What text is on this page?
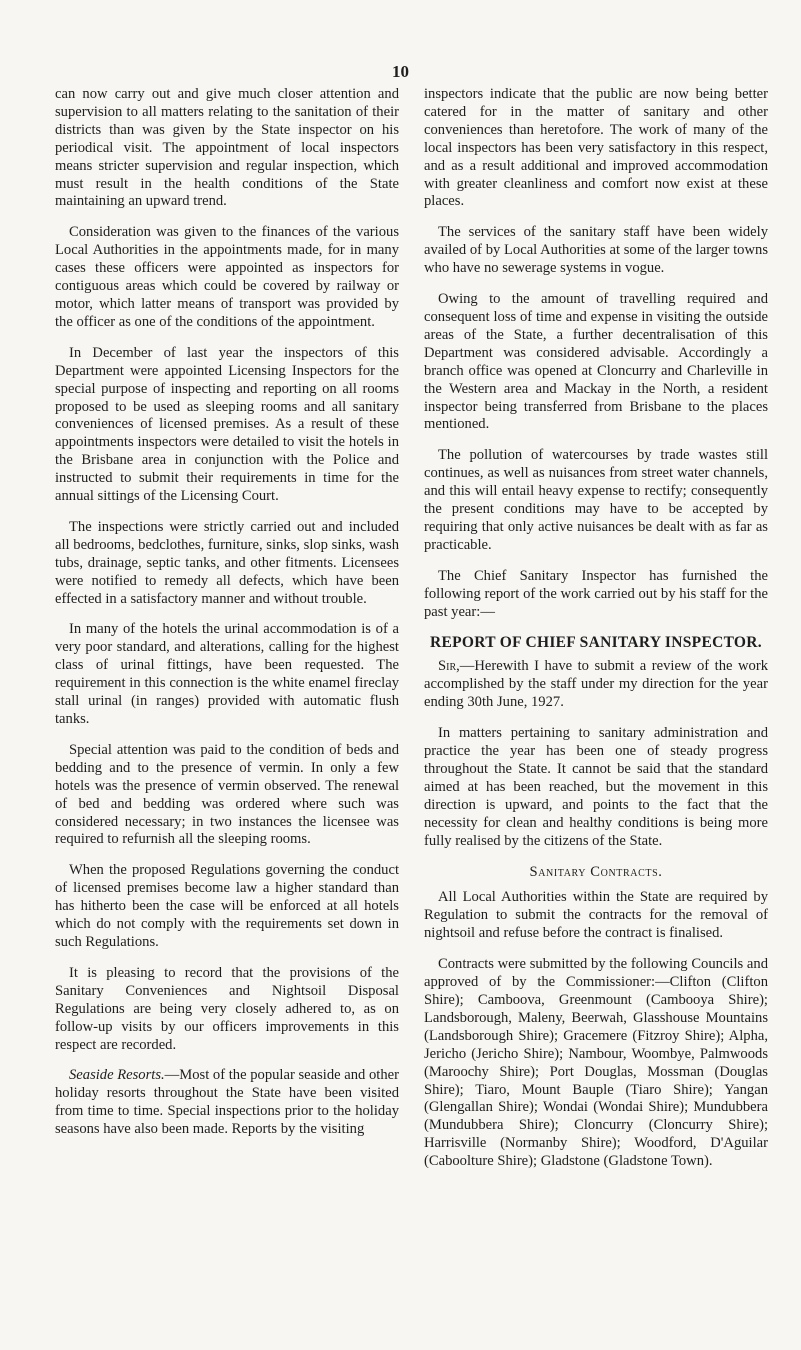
10

can now carry out and give much closer attention and supervision to all matters relating to the sanitation of their districts than was given by the State inspector on his periodical visit. The appointment of local inspectors means stricter supervision and regular inspection, which must result in the health conditions of the State maintaining an upward trend.

Consideration was given to the finances of the various Local Authorities in the appointments made, for in many cases these officers were appointed as inspectors for contiguous areas which could be covered by railway or motor, which latter means of transport was provided by the officer as one of the conditions of the appointment.

In December of last year the inspectors of this Department were appointed Licensing Inspectors for the special purpose of inspecting and reporting on all rooms proposed to be used as sleeping rooms and all sanitary conveniences of licensed premises. As a result of these appointments inspectors were detailed to visit the hotels in the Brisbane area in conjunction with the Police and instructed to submit their requirements in time for the annual sittings of the Licensing Court.

The inspections were strictly carried out and included all bedrooms, bedclothes, furniture, sinks, slop sinks, wash tubs, drainage, septic tanks, and other fitments. Licensees were notified to remedy all defects, which have been effected in a satisfactory manner and without trouble.

In many of the hotels the urinal accommodation is of a very poor standard, and alterations, calling for the highest class of urinal fittings, have been requested. The requirement in this connection is the white enamel fireclay stall urinal (in ranges) provided with automatic flush tanks.

Special attention was paid to the condition of beds and bedding and to the presence of vermin. In only a few hotels was the presence of vermin observed. The renewal of bed and bedding was ordered where such was considered necessary; in two instances the licensee was required to refurnish all the sleeping rooms.

When the proposed Regulations governing the conduct of licensed premises become law a higher standard than has hitherto been the case will be enforced at all hotels which do not comply with the requirements set down in such Regulations.

It is pleasing to record that the provisions of the Sanitary Conveniences and Nightsoil Disposal Regulations are being very closely adhered to, as on follow-up visits by our officers improvements in this respect are recorded.

Seaside Resorts.—Most of the popular seaside and other holiday resorts throughout the State have been visited from time to time. Special inspections prior to the holiday seasons have also been made. Reports by the visiting

inspectors indicate that the public are now being better catered for in the matter of sanitary and other conveniences than heretofore. The work of many of the local inspectors has been very satisfactory in this respect, and as a result additional and improved accommodation with greater cleanliness and comfort now exist at these places.

The services of the sanitary staff have been widely availed of by Local Authorities at some of the larger towns who have no sewerage systems in vogue.

Owing to the amount of travelling required and consequent loss of time and expense in visiting the outside areas of the State, a further decentralisation of this Department was considered advisable. Accordingly a branch office was opened at Cloncurry and Charleville in the Western area and Mackay in the North, a resident inspector being transferred from Brisbane to the places mentioned.

The pollution of watercourses by trade wastes still continues, as well as nuisances from street water channels, and this will entail heavy expense to rectify; consequently the present conditions may have to be accepted by requiring that only active nuisances be dealt with as far as practicable.

The Chief Sanitary Inspector has furnished the following report of the work carried out by his staff for the past year:—

REPORT OF CHIEF SANITARY INSPECTOR.

Sir,—Herewith I have to submit a review of the work accomplished by the staff under my direction for the year ending 30th June, 1927.

In matters pertaining to sanitary administration and practice the year has been one of steady progress throughout the State. It cannot be said that the standard aimed at has been reached, but the movement in this direction is upward, and points to the fact that the necessity for clean and healthy conditions is being more fully realised by the citizens of the State.

Sanitary Contracts.

All Local Authorities within the State are required by Regulation to submit the contracts for the removal of nightsoil and refuse before the contract is finalised.

Contracts were submitted by the following Councils and approved of by the Commissioner:—Clifton (Clifton Shire); Camboova, Greenmount (Cambooya Shire); Landsborough, Maleny, Beerwah, Glasshouse Mountains (Landsborough Shire); Gracemere (Fitzroy Shire); Alpha, Jericho (Jericho Shire); Nambour, Woombye, Palmwoods (Maroochy Shire); Port Douglas, Mossman (Douglas Shire); Tiaro, Mount Bauple (Tiaro Shire); Yangan (Glengallan Shire); Wondai (Wondai Shire); Mundubbera (Mundubbera Shire); Cloncurry (Cloncurry Shire); Harrisville (Normanby Shire); Woodford, D'Aguilar (Caboolture Shire); Gladstone (Gladstone Town).
